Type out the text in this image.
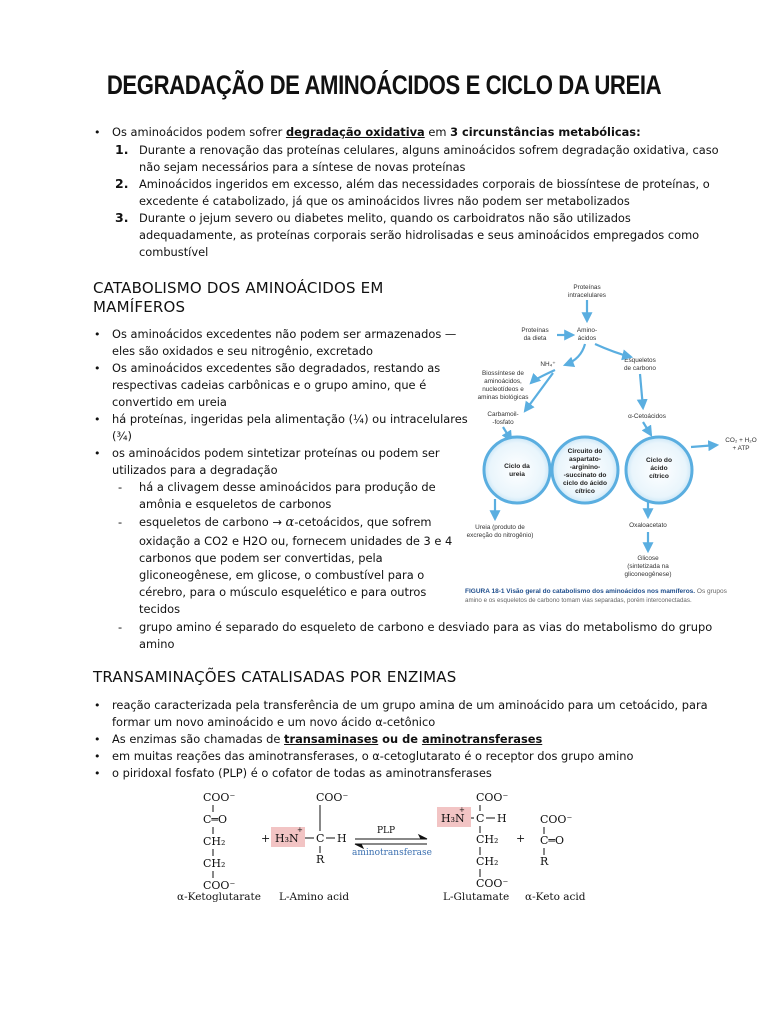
DEGRADAÇÃO DE AMINOÁCIDOS E CICLO DA UREIA
• Os aminoácidos podem sofrer degradação oxidativa em 3 circunstâncias metabólicas:
1. Durante a renovação das proteínas celulares, alguns aminoácidos sofrem degradação oxidativa, caso
não sejam necessários para a síntese de novas proteínas
2. Aminoácidos ingeridos em excesso, além das necessidades corporais de biossíntese de proteínas, o
excedente é catabolizado, já que os aminoácidos livres não podem ser metabolizados
3. Durante o jejum severo ou diabetes melito, quando os carboidratos não são utilizados
adequadamente, as proteínas corporais serão hidrolisadas e seus aminoácidos empregados como
combustível
CATABOLISMO DOS AMINOÁCIDOS EM
MAMÍFEROS
• Os aminoácidos excedentes não podem ser armazenados —
eles são oxidados e seu nitrogênio, excretado
• Os aminoácidos excedentes são degradados, restando as
respectivas cadeias carbônicas e o grupo amino, que é
convertido em ureia
• há proteínas, ingeridas pela alimentação (¼) ou intracelulares
(¾)
• os aminoácidos podem sintetizar proteínas ou podem ser
utilizados para a degradação
- há a clivagem desse aminoácidos para produção de
amônia e esqueletos de carbonos
- esqueletos de carbono → α-cetoácidos, que sofrem
oxidação a CO2 e H2O ou, fornecem unidades de 3 e 4
carbonos que podem ser convertidas, pela
gliconeogênese, em glicose, o combustível para o
cérebro, para o músculo esquelético e para outros
tecidos
- grupo amino é separado do esqueleto de carbono e desviado para as vias do metabolismo do grupo
amino
Proteínas
intracelulares
Proteínas
da dieta
Amino-
ácidos
NH₄⁺
Esqueletos
de carbono
Biossíntese de
aminoácidos,
nucleotídeos e
aminas biológicas
Carbamoil-
-fosfato
α-Cetoácidos
CO₂ + H₂O
+ ATP
Ureia (produto de
excreção do nitrogênio)
Oxaloacetato
Glicose
(sintetizada na
gliconeogênese)
Ciclo da
ureia
Circuito do
aspartato-
-arginino-
-succinato do
ciclo do ácido
cítrico
Ciclo do
ácido
cítrico
FIGURA 18-1 Visão geral do catabolismo dos aminoácidos nos mamíferos. Os grupos
amino e os esqueletos de carbono tomam vias separadas, porém interconectadas.
TRANSAMINAÇÕES CATALISADAS POR ENZIMAS
• reação caracterizada pela transferência de um grupo amina de um aminoácido para um cetoácido, para
formar um novo aminoácido e um novo ácido α-cetônico
• As enzimas são chamadas de transaminases ou de aminotransferases
• em muitas reações das aminotransferases, o α-cetoglutarato é o receptor dos grupo amino
• o piridoxal fosfato (PLP) é o cofator de todas as aminotransferases
COO⁻
C═O
CH₂
CH₂
COO⁻
+
COO⁻
H₃N
+
C H
R
COO⁻
H₃N
+
C H
CH₂
CH₂
COO⁻
+
COO⁻
C═O
R
PLP
aminotransferase
α-Ketoglutarate L-Amino acid	L-Glutamate α-Keto acid
